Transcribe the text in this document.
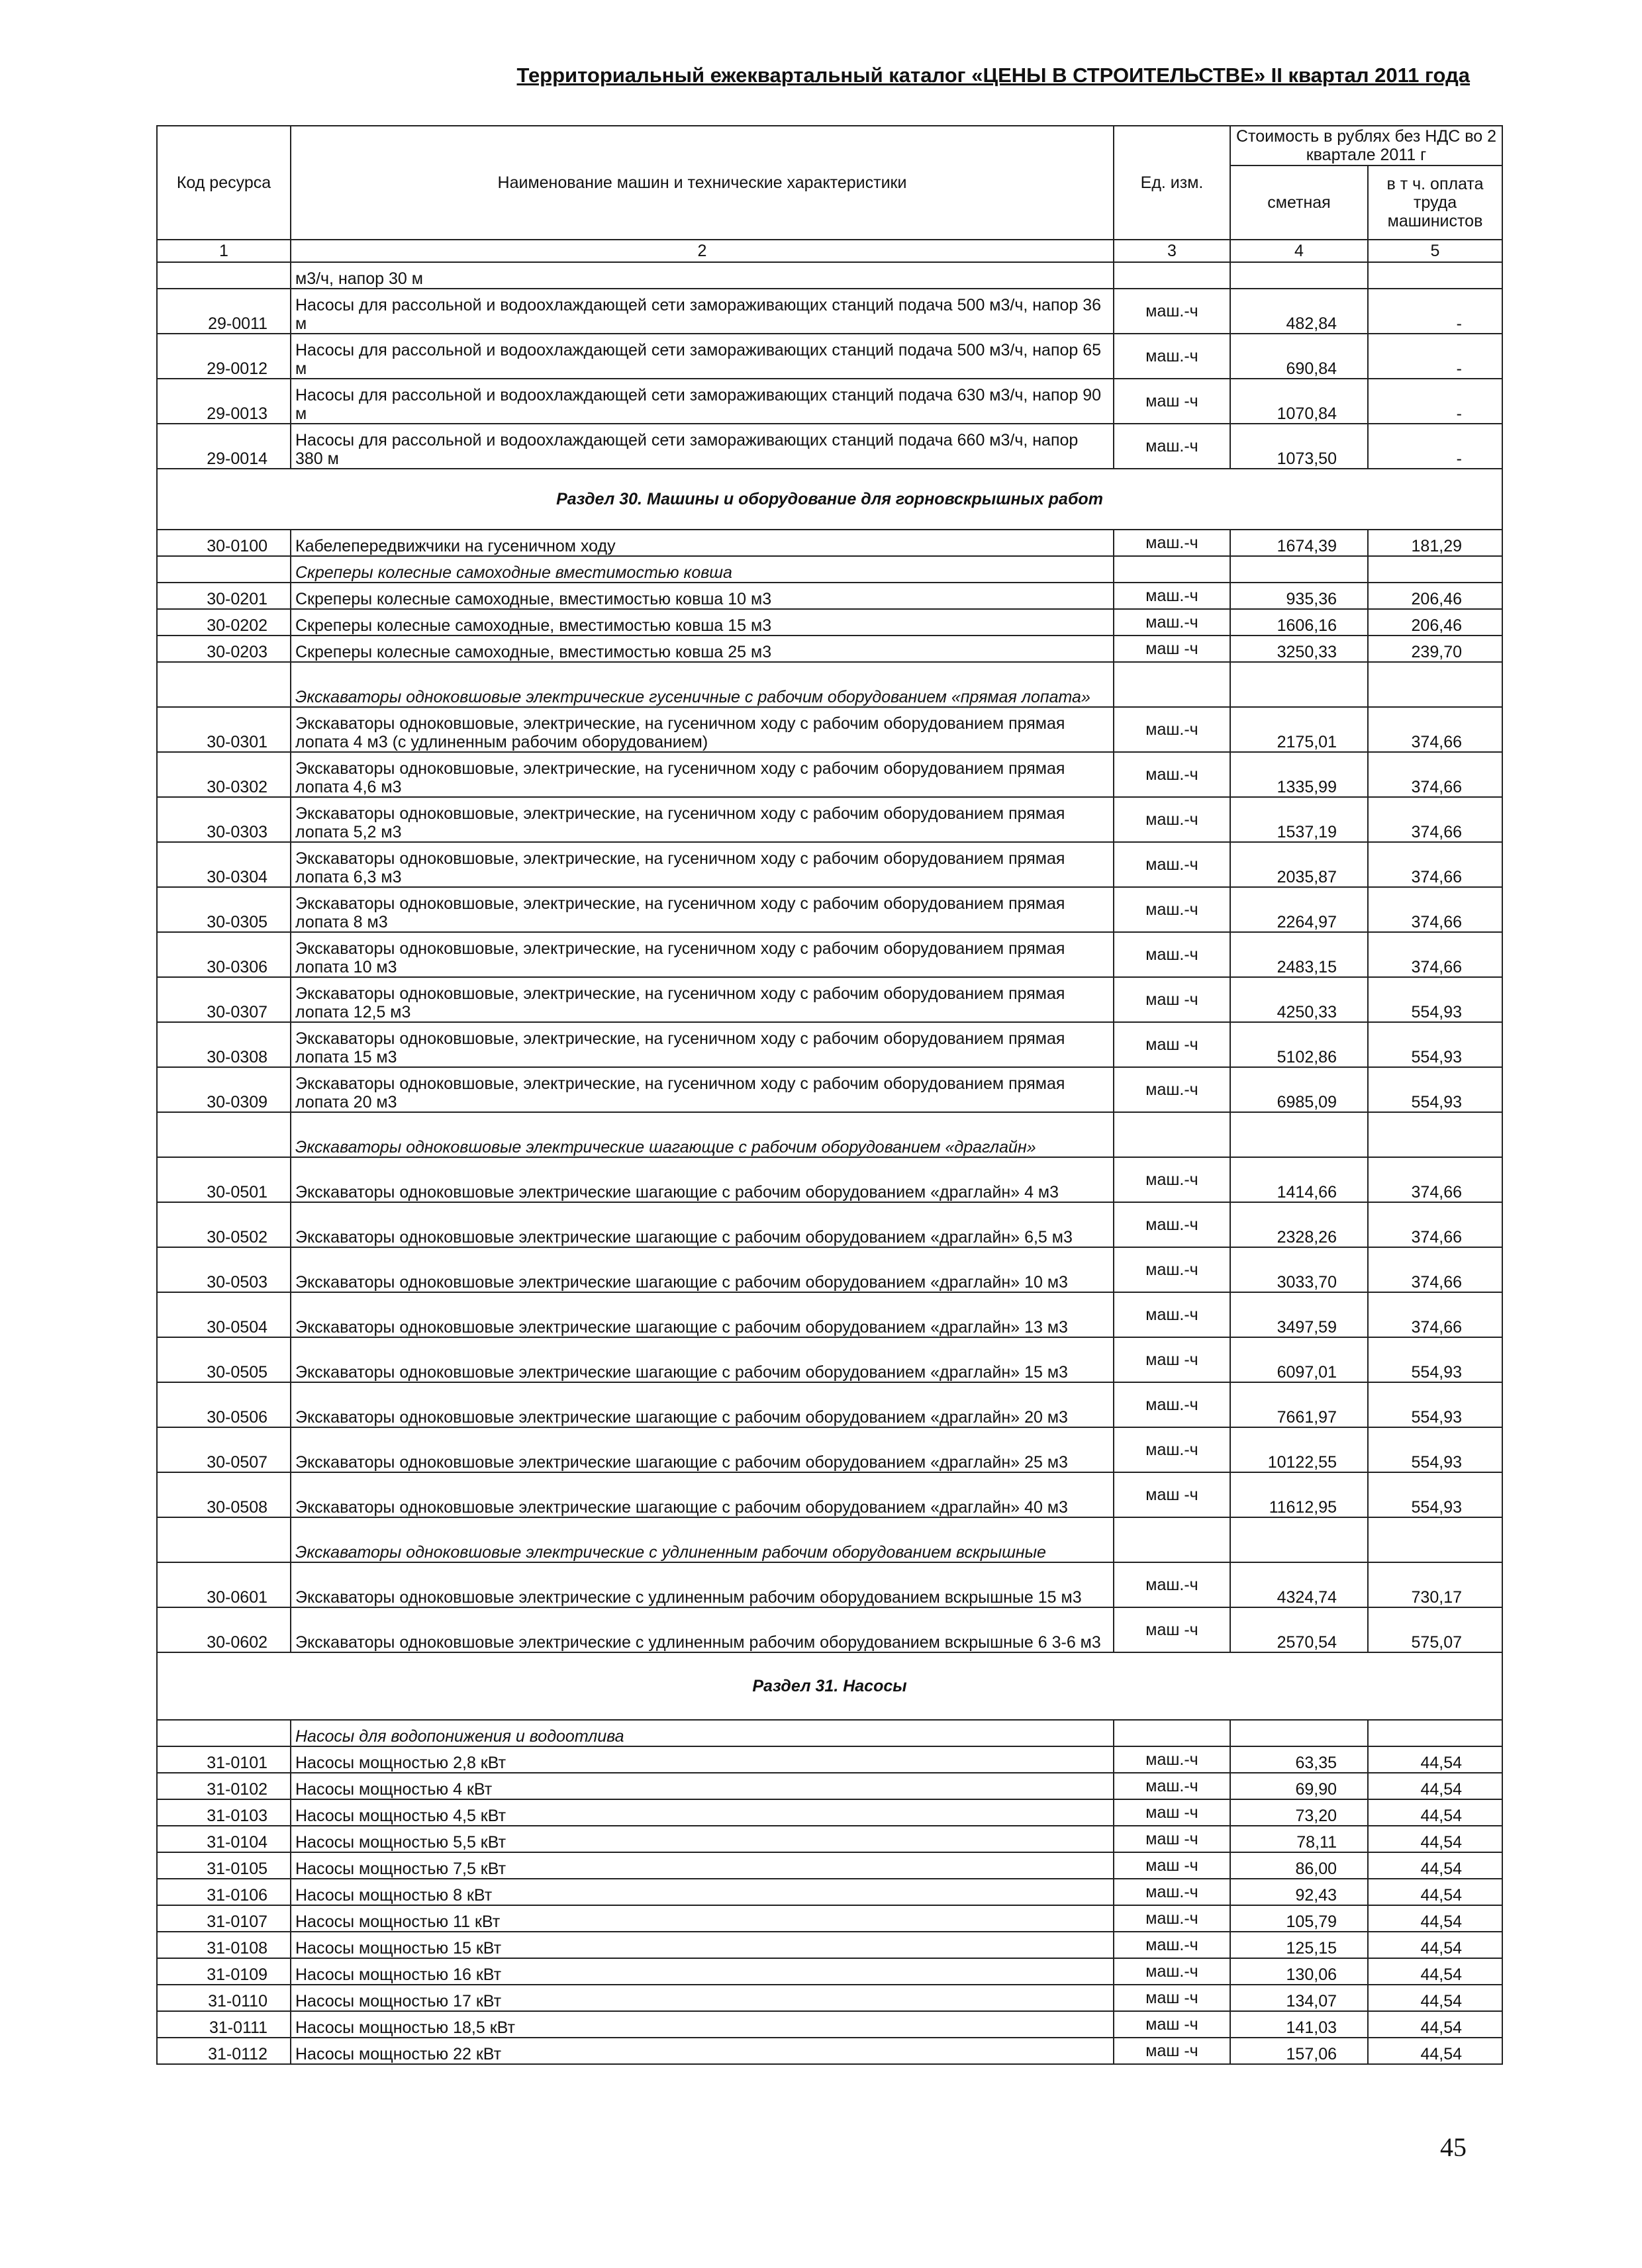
Территориальный ежеквартальный каталог «ЦЕНЫ В СТРОИТЕЛЬСТВЕ» II квартал 2011 года
Код ресурса	Наименование машин и технические характеристики	Ед. изм.	Стоимость в рублях без НДС во 2 квартале 2011 г	
			сметная	в т ч. оплата труда машинистов
1	2	3	4	5
	м3/ч, напор 30 м			
29-0011	Насосы для рассольной и водоохлаждающей сети замораживающих станций подача 500 м3/ч, напор 36 м	маш.-ч	482,84	-
29-0012	Насосы для рассольной и водоохлаждающей сети замораживающих станций подача 500 м3/ч, напор 65 м	маш.-ч	690,84	-
29-0013	Насосы для рассольной и водоохлаждающей сети замораживающих станций подача 630 м3/ч, напор 90 м	маш -ч	1070,84	-
29-0014	Насосы для рассольной и водоохлаждающей сети замораживающих станций подача 660 м3/ч, напор 380 м	маш.-ч	1073,50	-
Раздел 30. Машины и оборудование для горновскрышных работ				
30-0100	Кабелепередвижчики на гусеничном ходу	маш.-ч	1674,39	181,29
	Скреперы колесные самоходные вместимостью ковша			
30-0201	Скреперы колесные самоходные, вместимостью ковша 10 м3	маш.-ч	935,36	206,46
30-0202	Скреперы колесные самоходные, вместимостью ковша 15 м3	маш.-ч	1606,16	206,46
30-0203	Скреперы колесные самоходные, вместимостью ковша 25 м3	маш -ч	3250,33	239,70
	Экскаваторы одноковшовые электрические гусеничные с рабочим оборудованием «прямая лопата»			
30-0301	Экскаваторы одноковшовые, электрические, на гусеничном ходу с рабочим оборудованием прямая лопата 4 м3 (с удлиненным рабочим оборудованием)	маш.-ч	2175,01	374,66
30-0302	Экскаваторы одноковшовые, электрические, на гусеничном ходу с рабочим оборудованием прямая лопата 4,6 м3	маш.-ч	1335,99	374,66
30-0303	Экскаваторы одноковшовые, электрические, на гусеничном ходу с рабочим оборудованием прямая лопата 5,2 м3	маш.-ч	1537,19	374,66
30-0304	Экскаваторы одноковшовые, электрические, на гусеничном ходу с рабочим оборудованием прямая лопата 6,3 м3	маш.-ч	2035,87	374,66
30-0305	Экскаваторы одноковшовые, электрические, на гусеничном ходу с рабочим оборудованием прямая лопата 8 м3	маш.-ч	2264,97	374,66
30-0306	Экскаваторы одноковшовые, электрические, на гусеничном ходу с рабочим оборудованием прямая лопата 10 м3	маш.-ч	2483,15	374,66
30-0307	Экскаваторы одноковшовые, электрические, на гусеничном ходу с рабочим оборудованием прямая лопата 12,5 м3	маш -ч	4250,33	554,93
30-0308	Экскаваторы одноковшовые, электрические, на гусеничном ходу с рабочим оборудованием прямая лопата 15 м3	маш -ч	5102,86	554,93
30-0309	Экскаваторы одноковшовые, электрические, на гусеничном ходу с рабочим оборудованием прямая лопата 20 м3	маш.-ч	6985,09	554,93
	Экскаваторы одноковшовые электрические шагающие с рабочим оборудованием «драглайн»			
30-0501	Экскаваторы одноковшовые электрические шагающие с рабочим оборудованием «драглайн» 4 м3	маш.-ч	1414,66	374,66
30-0502	Экскаваторы одноковшовые электрические шагающие с рабочим оборудованием «драглайн» 6,5 м3	маш.-ч	2328,26	374,66
30-0503	Экскаваторы одноковшовые электрические шагающие с рабочим оборудованием «драглайн» 10 м3	маш.-ч	3033,70	374,66
30-0504	Экскаваторы одноковшовые электрические шагающие с рабочим оборудованием «драглайн» 13 м3	маш.-ч	3497,59	374,66
30-0505	Экскаваторы одноковшовые электрические шагающие с рабочим оборудованием «драглайн» 15 м3	маш -ч	6097,01	554,93
30-0506	Экскаваторы одноковшовые электрические шагающие с рабочим оборудованием «драглайн» 20 м3	маш.-ч	7661,97	554,93
30-0507	Экскаваторы одноковшовые электрические шагающие с рабочим оборудованием «драглайн» 25 м3	маш.-ч	10122,55	554,93
30-0508	Экскаваторы одноковшовые электрические шагающие с рабочим оборудованием «драглайн» 40 м3	маш -ч	11612,95	554,93
	Экскаваторы одноковшовые электрические с удлиненным рабочим оборудованием вскрышные			
30-0601	Экскаваторы одноковшовые электрические с удлиненным рабочим оборудованием вскрышные 15 м3	маш.-ч	4324,74	730,17
30-0602	Экскаваторы одноковшовые электрические с удлиненным рабочим оборудованием вскрышные 6 3-6 м3	маш -ч	2570,54	575,07
Раздел 31. Насосы				
	Насосы для водопонижения и водоотлива			
31-0101	Насосы мощностью 2,8 кВт	маш.-ч	63,35	44,54
31-0102	Насосы мощностью 4 кВт	маш.-ч	69,90	44,54
31-0103	Насосы мощностью 4,5 кВт	маш -ч	73,20	44,54
31-0104	Насосы мощностью 5,5 кВт	маш -ч	78,11	44,54
31-0105	Насосы мощностью 7,5 кВт	маш -ч	86,00	44,54
31-0106	Насосы мощностью 8 кВт	маш.-ч	92,43	44,54
31-0107	Насосы мощностью 11 кВт	маш.-ч	105,79	44,54
31-0108	Насосы мощностью 15 кВт	маш.-ч	125,15	44,54
31-0109	Насосы мощностью 16 кВт	маш.-ч	130,06	44,54
31-0110	Насосы мощностью 17 кВт	маш -ч	134,07	44,54
31-0111	Насосы мощностью 18,5 кВт	маш -ч	141,03	44,54
31-0112	Насосы мощностью 22 кВт	маш -ч	157,06	44,54
45
